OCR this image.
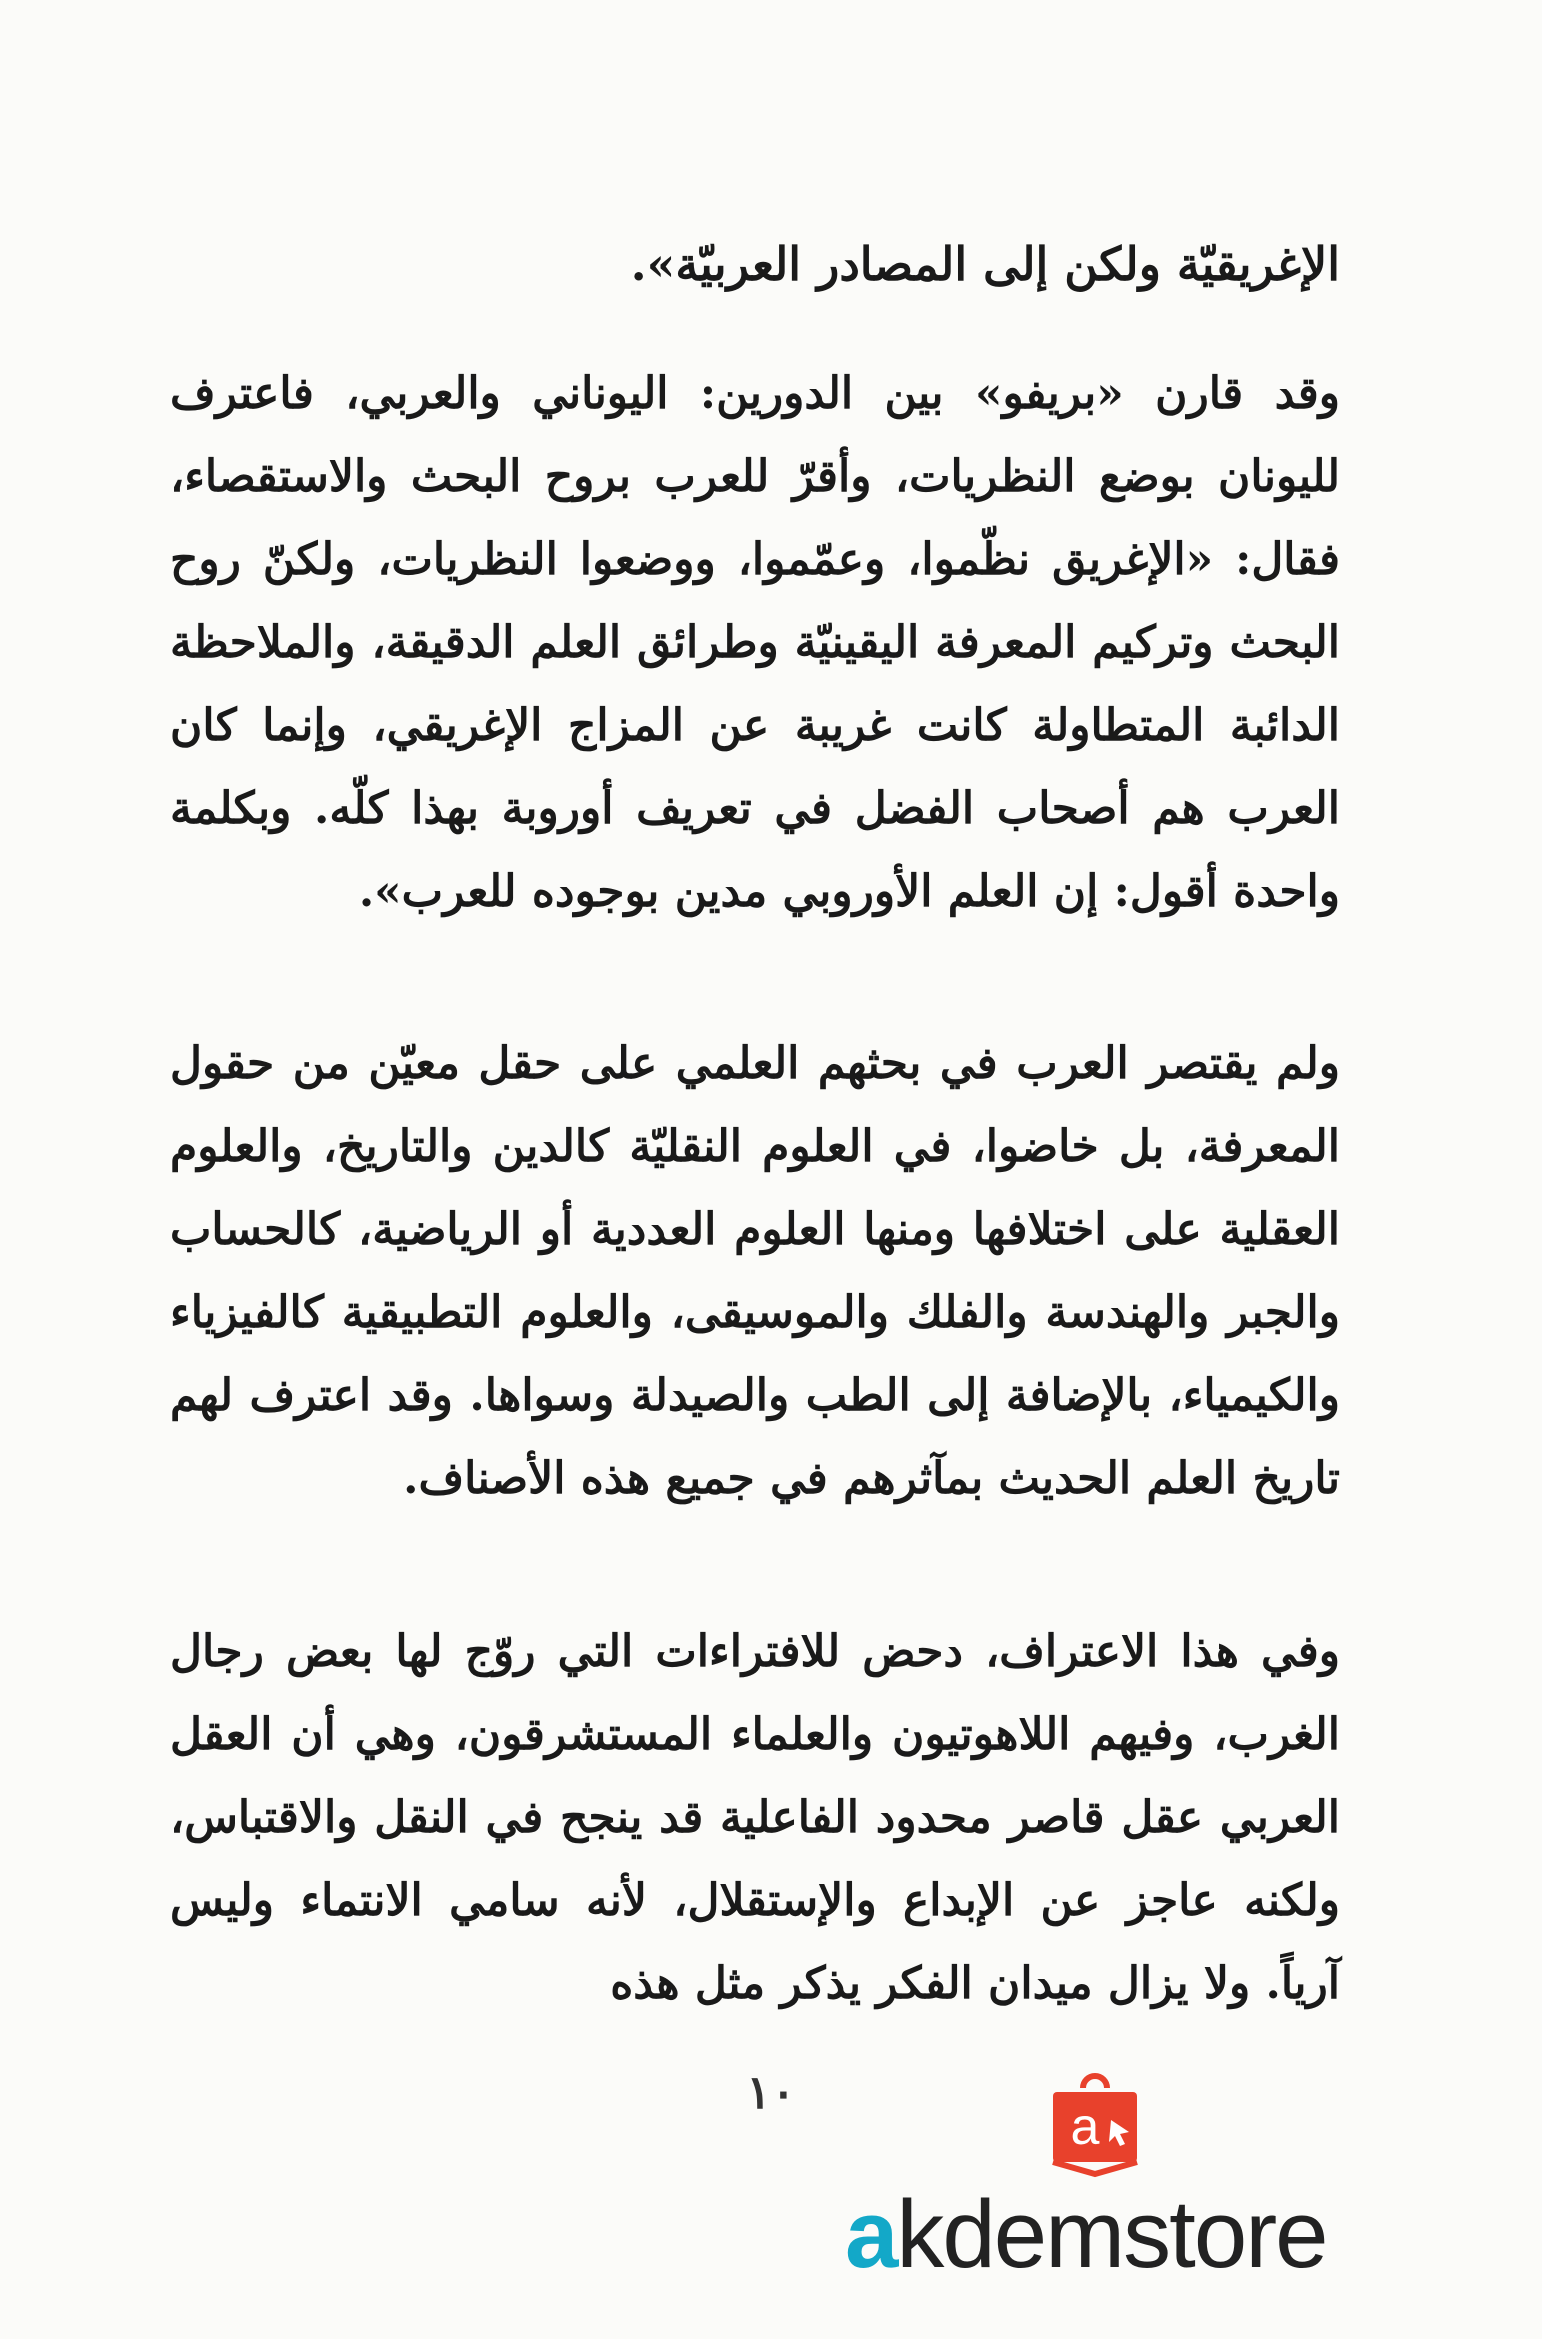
الإغريقيّة ولكن إلى المصادر العربيّة».
وقد قارن «بريفو» بين الدورين: اليوناني والعربي، فاعترف لليونان بوضع النظريات، وأقرّ للعرب بروح البحث والاستقصاء، فقال: «الإغريق نظّموا، وعمّموا، ووضعوا النظريات، ولكنّ روح البحث وتركيم المعرفة اليقينيّة وطرائق العلم الدقيقة، والملاحظة الدائبة المتطاولة كانت غريبة عن المزاج الإغريقي، وإنما كان العرب هم أصحاب الفضل في تعريف أوروبة بهذا كلّه. وبكلمة واحدة أقول: إن العلم الأوروبي مدين بوجوده للعرب».
ولم يقتصر العرب في بحثهم العلمي على حقل معيّن من حقول المعرفة، بل خاضوا، في العلوم النقليّة كالدين والتاريخ، والعلوم العقلية على اختلافها ومنها العلوم العددية أو الرياضية، كالحساب والجبر والهندسة والفلك والموسيقى، والعلوم التطبيقية كالفيزياء والكيمياء، بالإضافة إلى الطب والصيدلة وسواها. وقد اعترف لهم تاريخ العلم الحديث بمآثرهم في جميع هذه الأصناف.
وفي هذا الاعتراف، دحض للافتراءات التي روّج لها بعض رجال الغرب، وفيهم اللاهوتيون والعلماء المستشرقون، وهي أن العقل العربي عقل قاصر محدود الفاعلية قد ينجح في النقل والاقتباس، ولكنه عاجز عن الإبداع والإستقلال، لأنه سامي الانتماء وليس آرياً. ولا يزال ميدان الفكر يذكر مثل هذه
١٠
a
akdemstore
